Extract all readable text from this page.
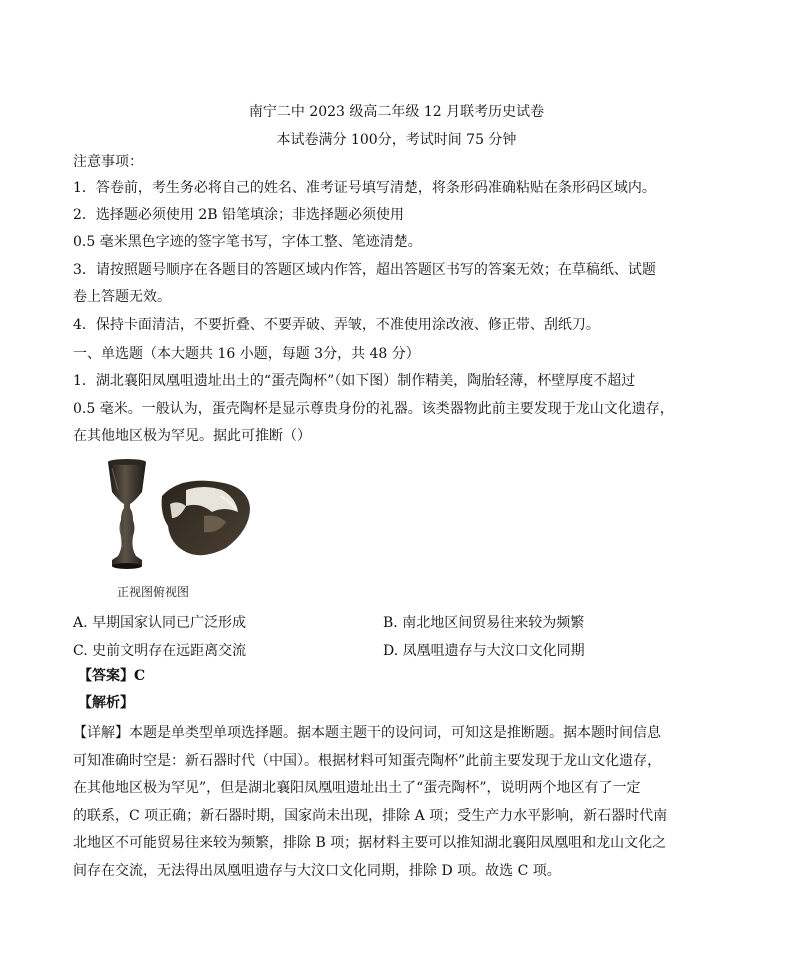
南宁二中 2023 级高二年级 12 月联考历史试卷
本试卷满分 100分，考试时间 75 分钟
注意事项：
1．答卷前，考生务必将自己的姓名、准考证号填写清楚，将条形码准确粘贴在条形码区域内。
2．选择题必须使用 2B 铅笔填涂；非选择题必须使用
0.5 毫米黑色字迹的签字笔书写，字体工整、笔迹清楚。
3．请按照题号顺序在各题目的答题区域内作答，超出答题区书写的答案无效；在草稿纸、试题
卷上答题无效。
4．保持卡面清洁，不要折叠、不要弄破、弄皱，不准使用涂改液、修正带、刮纸刀。
一、单选题（本大题共 16 小题，每题 3分，共 48 分）
1．湖北襄阳凤凰咀遗址出土的“蛋壳陶杯”（如下图）制作精美，陶胎轻薄，杯壁厚度不超过
0.5 毫米。一般认为，蛋壳陶杯是显示尊贵身份的礼器。该类器物此前主要发现于龙山文化遗存，
在其他地区极为罕见。据此可推断（）
正视图俯视图
A. 早期国家认同已广泛形成	B. 南北地区间贸易往来较为频繁
C. 史前文明存在远距离交流	D. 凤凰咀遗存与大汶口文化同期
【答案】C
【解析】
【详解】本题是单类型单项选择题。据本题主题干的设问词，可知这是推断题。据本题时间信息
可知准确时空是：新石器时代（中国）。根据材料可知蛋壳陶杯”此前主要发现于龙山文化遗存，
在其他地区极为罕见”，但是湖北襄阳凤凰咀遗址出土了“蛋壳陶杯”，说明两个地区有了一定
的联系，C 项正确；新石器时期，国家尚未出现，排除 A 项；受生产力水平影响，新石器时代南
北地区不可能贸易往来较为频繁，排除 B 项；据材料主要可以推知湖北襄阳凤凰咀和龙山文化之
间存在交流，无法得出凤凰咀遗存与大汶口文化同期，排除 D 项。故选 C 项。
